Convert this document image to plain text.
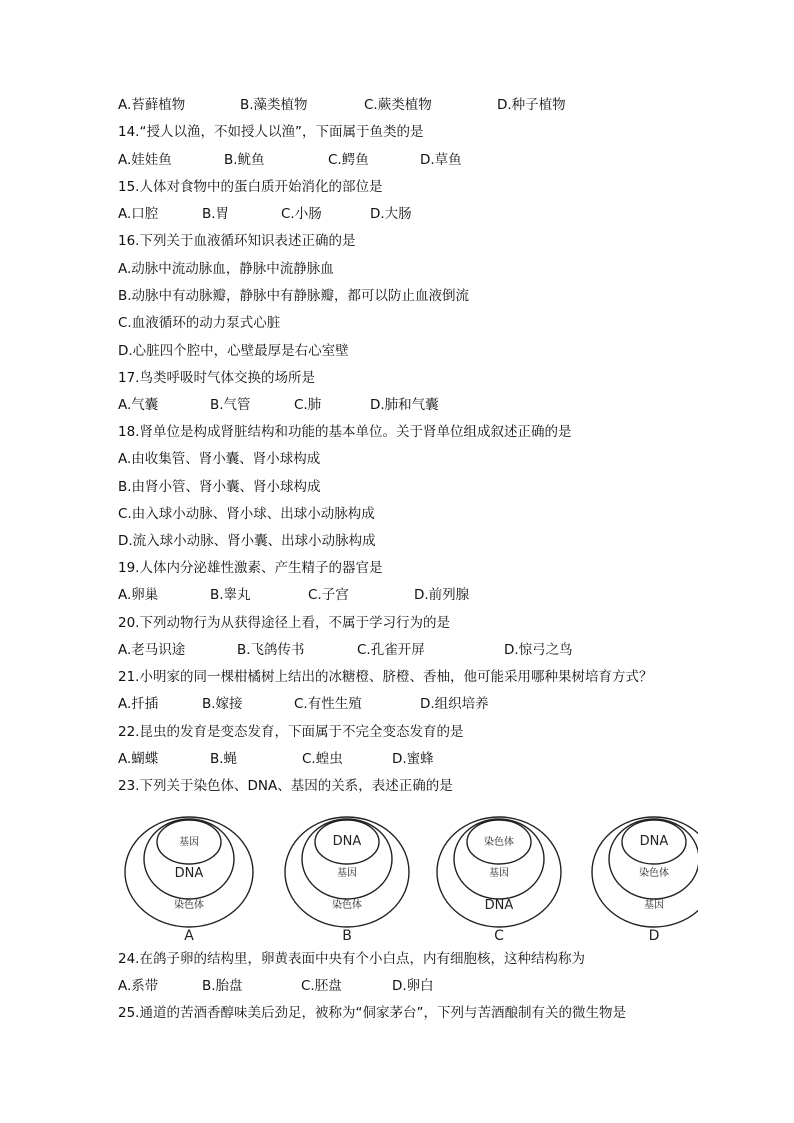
A.苔藓植物	B.藻类植物	C.蕨类植物	D.种子植物
14.“授人以渔，不如授人以渔”，下面属于鱼类的是
A.娃娃鱼	B.鱿鱼	C.鳄鱼	D.草鱼
15.人体对食物中的蛋白质开始消化的部位是
A.口腔	B.胃	C.小肠	D.大肠
16.下列关于血液循环知识表述正确的是
A.动脉中流动脉血，静脉中流静脉血
B.动脉中有动脉瓣，静脉中有静脉瓣，都可以防止血液倒流
C.血液循环的动力泵式心脏
D.心脏四个腔中，心壁最厚是右心室壁
17.鸟类呼吸时气体交换的场所是
A.气囊	B.气管	C.肺	D.肺和气囊
18.肾单位是构成肾脏结构和功能的基本单位。关于肾单位组成叙述正确的是
A.由收集管、肾小囊、肾小球构成
B.由肾小管、肾小囊、肾小球构成
C.由入球小动脉、肾小球、出球小动脉构成
D.流入球小动脉、肾小囊、出球小动脉构成
19.人体内分泌雄性激素、产生精子的器官是
A.卵巢	B.睾丸	C.子宫	D.前列腺
20.下列动物行为从获得途径上看，不属于学习行为的是
A.老马识途	B.飞鸽传书	C.孔雀开屏	D.惊弓之鸟
21.小明家的同一棵柑橘树上结出的冰糖橙、脐橙、香柚，他可能采用哪种果树培育方式？
A.扦插	B.嫁接	C.有性生殖	D.组织培养
22.昆虫的发育是变态发育，下面属于不完全变态发育的是
A.蝴蝶	B.蝇	C.蝗虫	D.蜜蜂
23.下列关于染色体、DNA、基因的关系，表述正确的是
基因
DNA
染色体
A
DNA
基因
染色体
B
染色体
基因
DNA
C
DNA
染色体
基因
D
24.在鸽子卵的结构里，卵黄表面中央有个小白点，内有细胞核，这种结构称为
A.系带	B.胎盘	C.胚盘	D.卵白
25.通道的苦酒香醇味美后劲足，被称为“侗家茅台”，下列与苦酒酿制有关的微生物是
